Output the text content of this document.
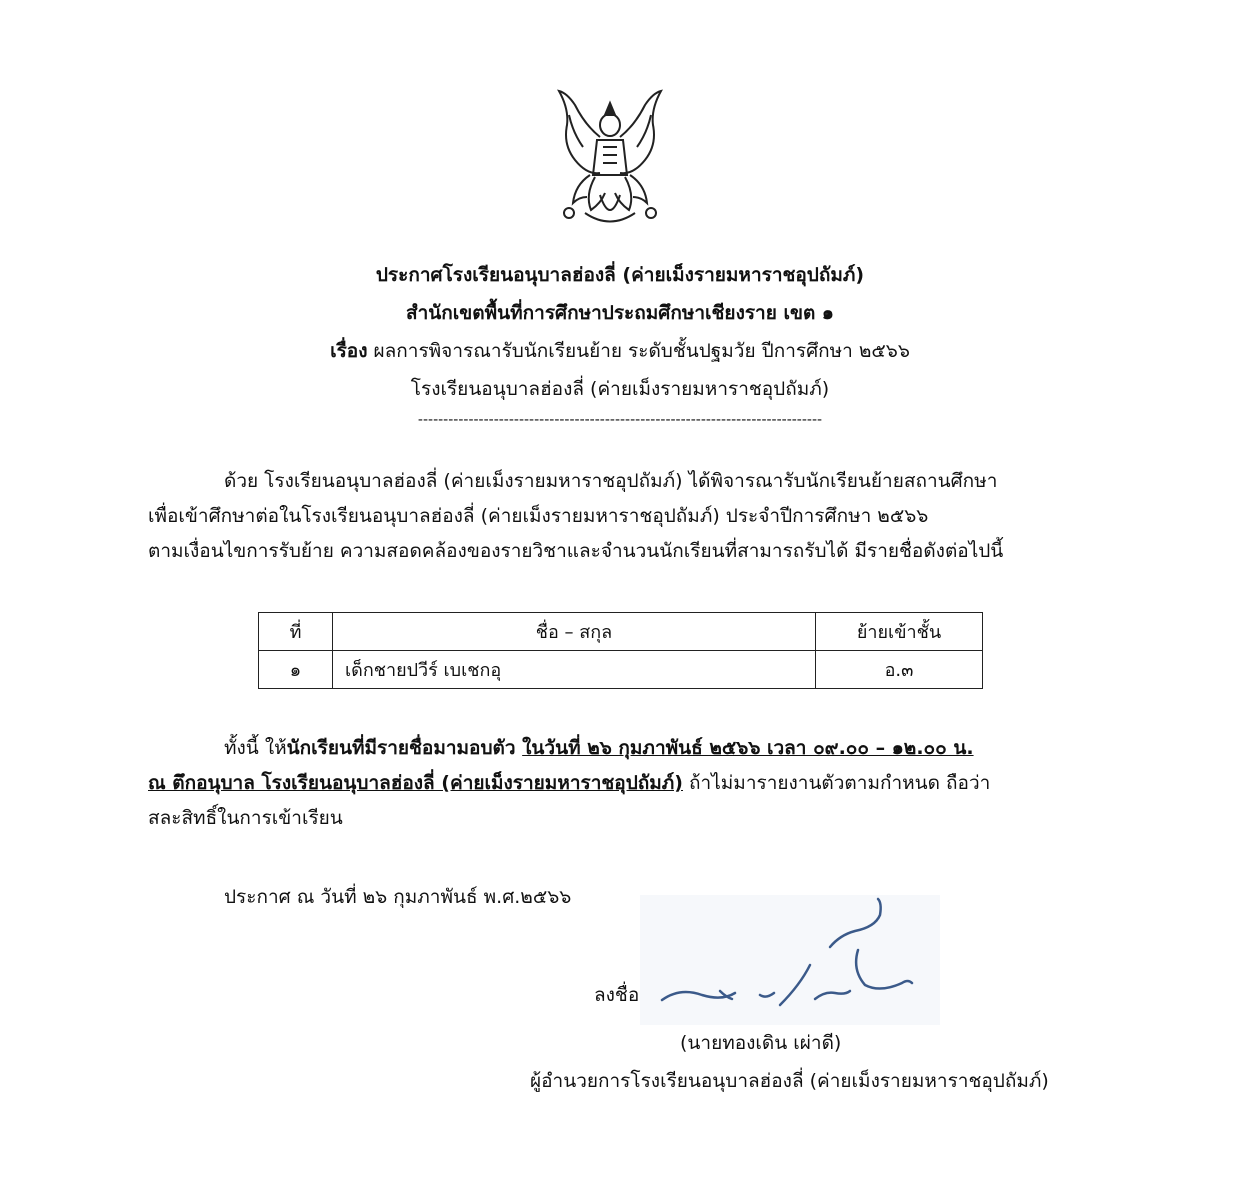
ประกาศโรงเรียนอนุบาลฮ่องลี่ (ค่ายเม็งรายมหาราชอุปถัมภ์)
สำนักเขตพื้นที่การศึกษาประถมศึกษาเชียงราย เขต ๑
เรื่อง ผลการพิจารณารับนักเรียนย้าย ระดับชั้นปฐมวัย ปีการศึกษา ๒๕๖๖
โรงเรียนอนุบาลฮ่องลี่ (ค่ายเม็งรายมหาราชอุปถัมภ์)
--------------------------------------------------------------------------------
ด้วย โรงเรียนอนุบาลฮ่องลี่ (ค่ายเม็งรายมหาราชอุปถัมภ์) ได้พิจารณารับนักเรียนย้ายสถานศึกษา
เพื่อเข้าศึกษาต่อในโรงเรียนอนุบาลฮ่องลี่ (ค่ายเม็งรายมหาราชอุปถัมภ์) ประจำปีการศึกษา ๒๕๖๖
ตามเงื่อนไขการรับย้าย ความสอดคล้องของรายวิชาและจำนวนนักเรียนที่สามารถรับได้ มีรายชื่อดังต่อไปนี้
ที่	ชื่อ – สกุล	ย้ายเข้าชั้น
๑	เด็กชายปวีร์ เบเชกอุ	อ.๓
ทั้งนี้ ให้นักเรียนที่มีรายชื่อมามอบตัว ในวันที่ ๒๖ กุมภาพันธ์ ๒๕๖๖ เวลา ๐๙.๐๐ – ๑๒.๐๐ น.
ณ ตึกอนุบาล โรงเรียนอนุบาลฮ่องลี่ (ค่ายเม็งรายมหาราชอุปถัมภ์) ถ้าไม่มารายงานตัวตามกำหนด ถือว่า
สละสิทธิ์ในการเข้าเรียน
ประกาศ ณ วันที่ ๒๖ กุมภาพันธ์ พ.ศ.๒๕๖๖
ลงชื่อ
(นายทองเดิน เผ่าดี)
ผู้อำนวยการโรงเรียนอนุบาลฮ่องลี่ (ค่ายเม็งรายมหาราชอุปถัมภ์)
